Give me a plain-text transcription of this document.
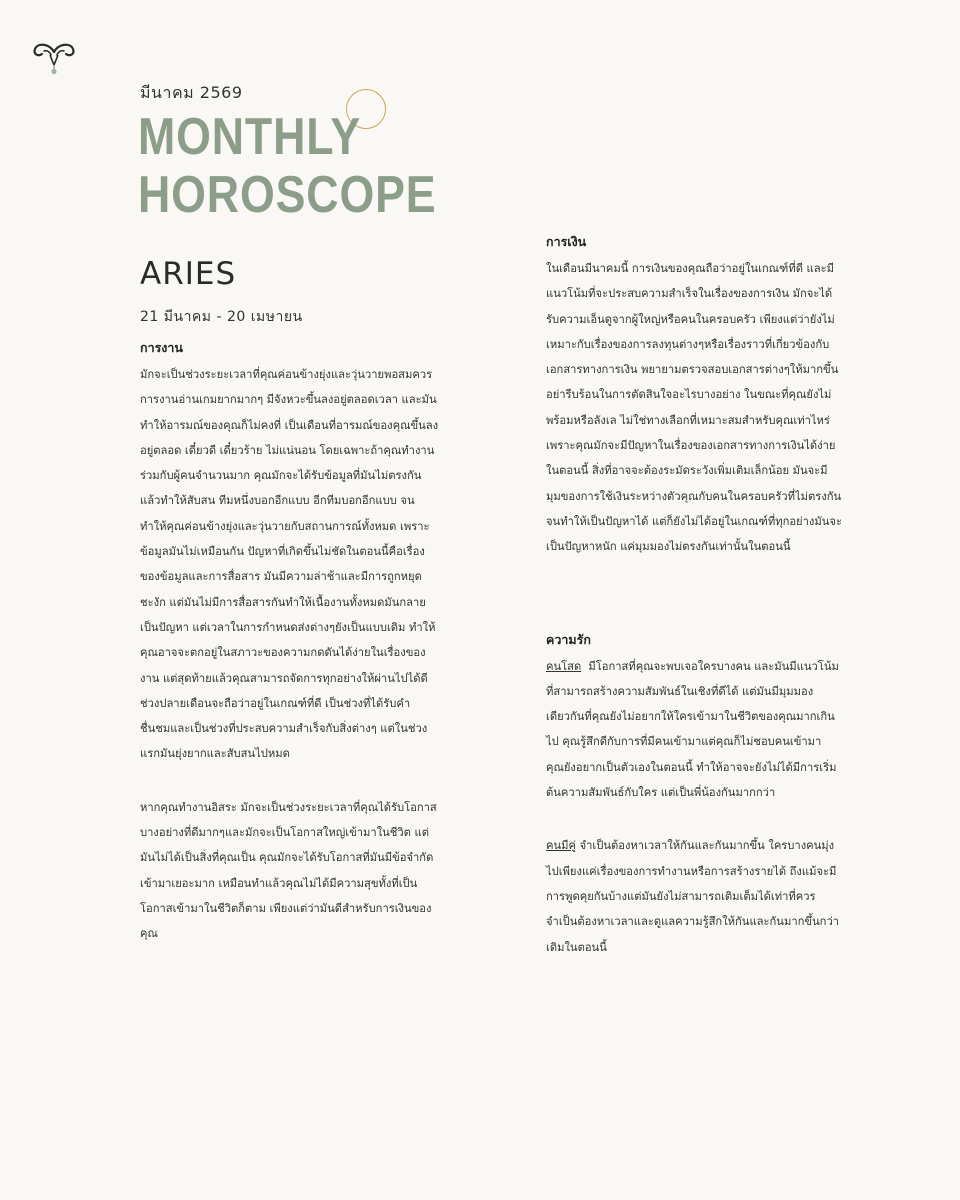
มีนาคม 2569

MONTHLY
HOROSCOPE
ARIES

21 มีนาคม - 20 เมษายน

การงาน

มักจะเป็นช่วงระยะเวลาที่คุณค่อนข้างยุ่งและวุ่นวายพอสมควร การงานอ่านเกมยากมากๆ มีจังหวะขึ้นลงอยู่ตลอดเวลา และมันทำให้อารมณ์ของคุณก็ไม่คงที่ เป็นเดือนที่อารมณ์ของคุณขึ้นลงอยู่ตลอด เดี๋ยวดี เดี๋ยวร้าย ไม่แน่นอน โดยเฉพาะถ้าคุณทำงานร่วมกับผู้คนจำนวนมาก คุณมักจะได้รับข้อมูลที่มันไม่ตรงกันแล้วทำให้สับสน ทีมหนึ่งบอกอีกแบบ อีกทีมบอกอีกแบบ จนทำให้คุณค่อนข้างยุ่งและวุ่นวายกับสถานการณ์ทั้งหมด เพราะข้อมูลมันไม่เหมือนกัน ปัญหาที่เกิดขึ้นไม่ชัดในตอนนี้คือเรื่องของข้อมูลและการสื่อสาร มันมีความล่าช้าและมีการถูกหยุดชะงัก แต่มันไม่มีการสื่อสารกันทำให้เนื้องานทั้งหมดมันกลายเป็นปัญหา แต่เวลาในการกำหนดส่งต่างๆยังเป็นแบบเดิม ทำให้คุณอาจจะตกอยู่ในสภาวะของความกดดันได้ง่ายในเรื่องของงาน แต่สุดท้ายแล้วคุณสามารถจัดการทุกอย่างให้ผ่านไปได้ดี ช่วงปลายเดือนจะถือว่าอยู่ในเกณฑ์ที่ดี เป็นช่วงที่ได้รับคำชื่นชมและเป็นช่วงที่ประสบความสำเร็จกับสิ่งต่างๆ แต่ในช่วงแรกมันยุ่งยากและสับสนไปหมด

หากคุณทำงานอิสระ มักจะเป็นช่วงระยะเวลาที่คุณได้รับโอกาสบางอย่างที่ดีมากๆและมักจะเป็นโอกาสใหญ่เข้ามาในชีวิต แต่มันไม่ได้เป็นสิ่งที่คุณเป็น คุณมักจะได้รับโอกาสที่มันมีข้อจำกัดเข้ามาเยอะมาก เหมือนทำแล้วคุณไม่ได้มีความสุขทั้งที่เป็นโอกาสเข้ามาในชีวิตก็ตาม เพียงแต่ว่ามันดีสำหรับการเงินของคุณ

การเงิน

ในเดือนมีนาคมนี้ การเงินของคุณถือว่าอยู่ในเกณฑ์ที่ดี และมีแนวโน้มที่จะประสบความสำเร็จในเรื่องของการเงิน มักจะได้รับความเอ็นดูจากผู้ใหญ่หรือคนในครอบครัว เพียงแต่ว่ายังไม่เหมาะกับเรื่องของการลงทุนต่างๆหรือเรื่องราวที่เกี่ยวข้องกับเอกสารทางการเงิน พยายามตรวจสอบเอกสารต่างๆให้มากขึ้น อย่ารีบร้อนในการตัดสินใจอะไรบางอย่าง ในขณะที่คุณยังไม่พร้อมหรือลังเล ไม่ใช่ทางเลือกที่เหมาะสมสำหรับคุณเท่าไหร่ เพราะคุณมักจะมีปัญหาในเรื่องของเอกสารทางการเงินได้ง่ายในตอนนี้ สิ่งที่อาจจะต้องระมัดระวังเพิ่มเติมเล็กน้อย มันจะมีมุมของการใช้เงินระหว่างตัวคุณกับคนในครอบครัวที่ไม่ตรงกันจนทำให้เป็นปัญหาได้ แต่ก็ยังไม่ได้อยู่ในเกณฑ์ที่ทุกอย่างมันจะเป็นปัญหาหนัก แค่มุมมองไม่ตรงกันเท่านั้นในตอนนี้

ความรัก

คนโสด มีโอกาสที่คุณจะพบเจอใครบางคน และมันมีแนวโน้มที่สามารถสร้างความสัมพันธ์ในเชิงที่ดีได้ แต่มันมีมุมมองเดียวกันที่คุณยังไม่อยากให้ใครเข้ามาในชีวิตของคุณมากเกินไป คุณรู้สึกดีกับการที่มีคนเข้ามาแต่คุณก็ไม่ชอบคนเข้ามา คุณยังอยากเป็นตัวเองในตอนนี้ ทำให้อาจจะยังไม่ได้มีการเริ่มต้นความสัมพันธ์กับใคร แต่เป็นพี่น้องกันมากกว่า

คนมีคู่ จำเป็นต้องหาเวลาให้กันและกันมากขึ้น ใครบางคนมุ่งไปเพียงแค่เรื่องของการทำงานหรือการสร้างรายได้ ถึงแม้จะมีการพูดคุยกันบ้างแต่มันยังไม่สามารถเติมเต็มได้เท่าที่ควร จำเป็นต้องหาเวลาและดูแลความรู้สึกให้กันและกันมากขึ้นกว่าเดิมในตอนนี้
